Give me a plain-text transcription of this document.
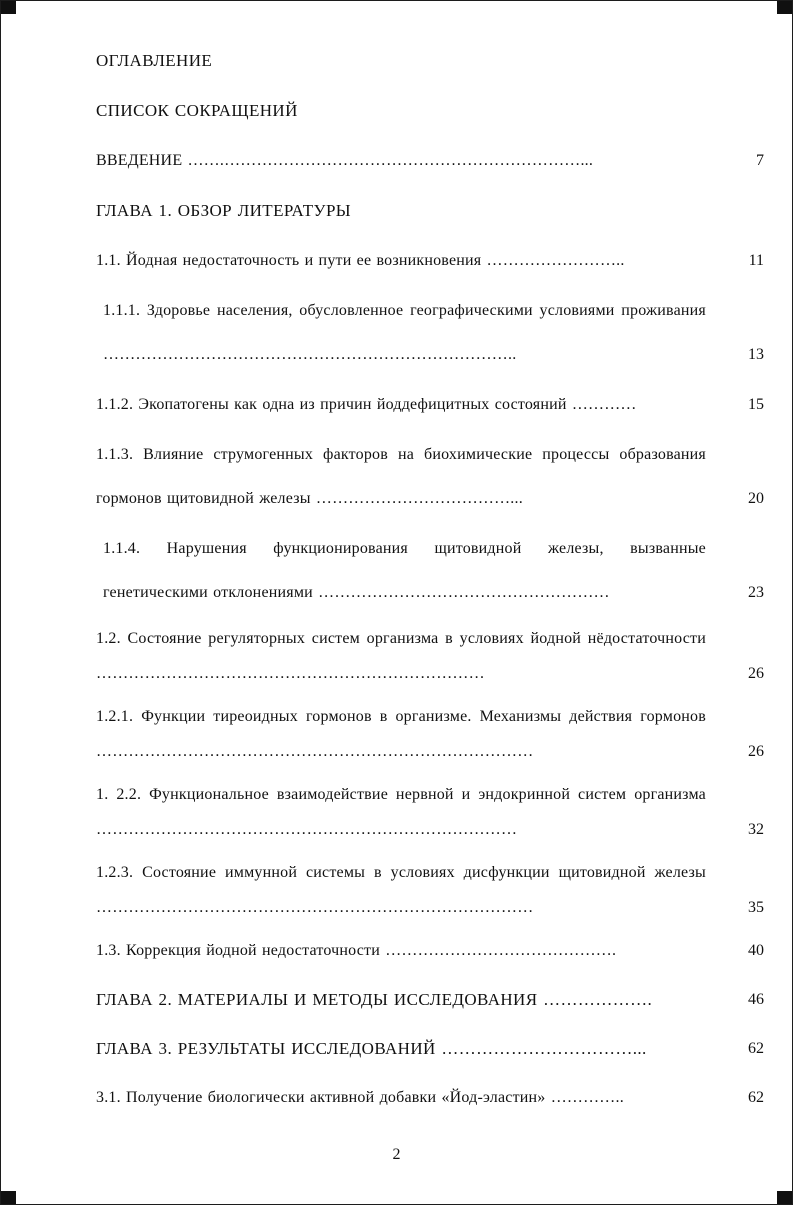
ОГЛАВЛЕНИЕ
СПИСОК СОКРАЩЕНИЙ
ВВЕДЕНИЕ …….…………………………………………………………...	7
ГЛАВА 1. ОБЗОР ЛИТЕРАТУРЫ
1.1. Йодная недостаточность и пути ее возникновения ……………………..	11
1.1.1. Здоровье населения, обусловленное географическими условиями проживания …………………………………………………………………..	13
1.1.2. Экопатогены как одна из причин йоддефицитных состояний …………	15
1.1.3. Влияние струмогенных факторов на биохимические процессы образования гормонов щитовидной железы ………………………………...	20
1.1.4. Нарушения функционирования щитовидной железы, вызванные генетическими отклонениями ………………………………………………	23
1.2. Состояние регуляторных систем организма в условиях йодной нёдостаточности ………………………………………………………………	26
1.2.1. Функции тиреоидных гормонов в организме. Механизмы действия гормонов ………………………………………………………………………	26
1. 2.2. Функциональное взаимодействие нервной и эндокринной систем организма ……………………………………………………………………	32
1.2.3. Состояние иммунной системы в условиях дисфункции щитовидной железы ………………………………………………………………………	35
1.3. Коррекция йодной недостаточности …………………………………….	40
ГЛАВА 2. МАТЕРИАЛЫ И МЕТОДЫ ИССЛЕДОВАНИЯ ……………….	46
ГЛАВА 3. РЕЗУЛЬТАТЫ ИССЛЕДОВАНИЙ ……………………………...	62
3.1. Получение биологически активной добавки «Йод-эластин» …………..	62
2
